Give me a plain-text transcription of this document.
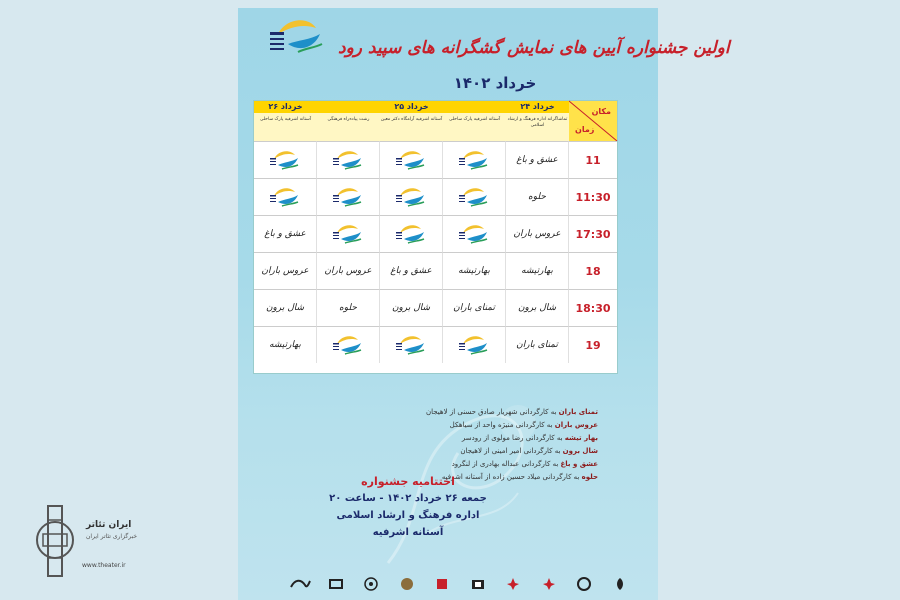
اولین جشنواره آیین های نمایش گشگرانه های سپید رود
خرداد ۱۴۰۲
مکان
زمان
۲۴ خرداد
۲۵ خرداد
۲۶ خرداد
تماشاگرانه اداره فرهنگ و ارشاد اسلامی
آستانه اشرفیه پارک ساحلی
آستانه اشرفیه آرامگاه دکتر معین
رشت پیاده‌راه فرهنگی
آستانه اشرفیه پارک ساحلی
11
عشق و باغ
11:30
حلوه
17:30
عروس باران
عشق و باغ
18
بهارتیشه
بهارتیشه
عشق و باغ
عروس باران
عروس باران
18:30
شال برون
تمنای باران
شال برون
حلوه
شال برون
19
تمنای باران
بهارتیشه
تمنای باران به کارگردانی شهریار صادق حسنی از لاهیجان
عروس باران به کارگردانی منیژه واحد از سیاهکل
بهار تیشه به کارگردانی رضا مولوی از رودسر
شال برون به کارگردانی امیر امینی از لاهیجان
عشق و باغ به کارگردانی عبداله بهادری از لنگرود
حلوه به کارگردانی میلاد حسین زاده از آستانه اشرفیه
اختتامیه جشنواره
جمعه ۲۶ خرداد ۱۴۰۲ - ساعت ۲۰
اداره فرهنگ و ارشاد اسلامی
آستانه اشرفیه
ایران تئاتر
خبرگزاری تئاتر ایران
www.theater.ir
